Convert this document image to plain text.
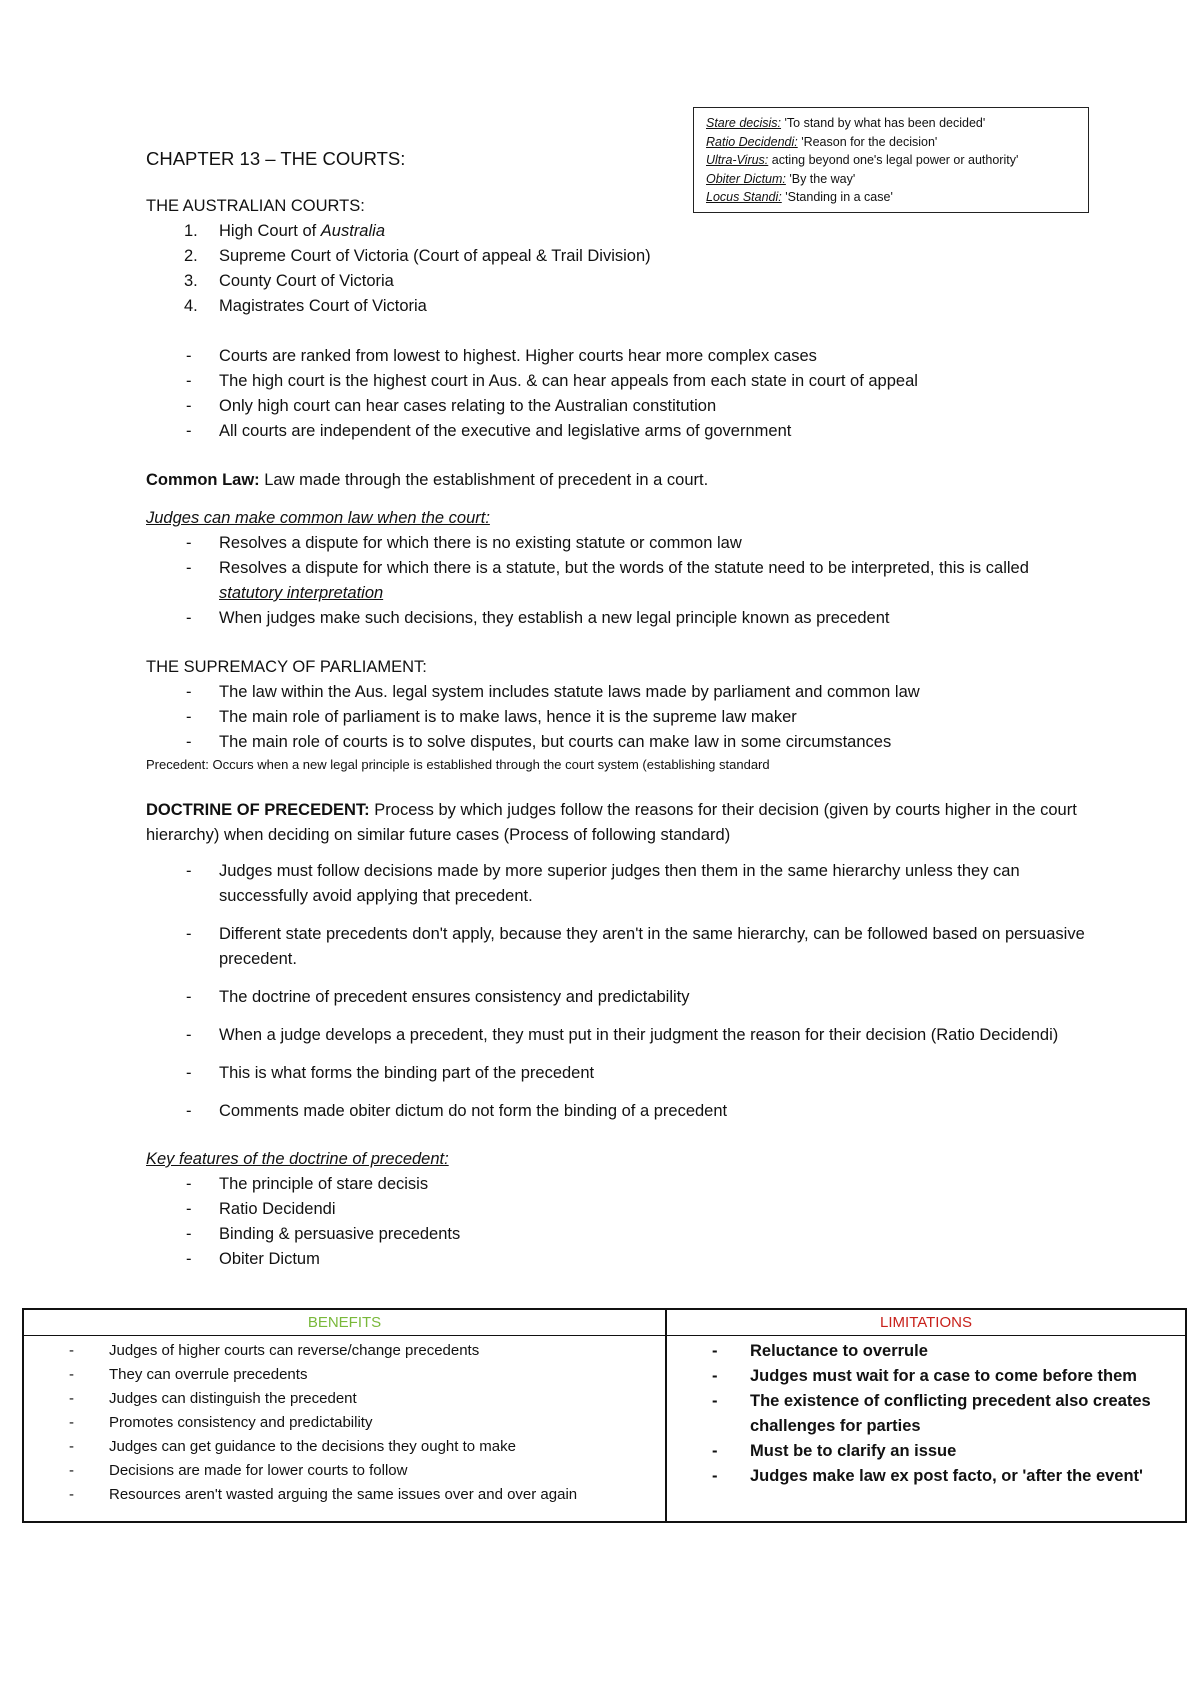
Stare decisis: 'To stand by what has been decided'
Ratio Decidendi: 'Reason for the decision'
Ultra-Virus: acting beyond one's legal power or authority'
Obiter Dictum: 'By the way'
Locus Standi: 'Standing in a case'
CHAPTER 13 – THE COURTS:
THE AUSTRALIAN COURTS:
1. High Court of Australia
2. Supreme Court of Victoria (Court of appeal & Trail Division)
3. County Court of Victoria
4. Magistrates Court of Victoria
- Courts are ranked from lowest to highest. Higher courts hear more complex cases
- The high court is the highest court in Aus. & can hear appeals from each state in court of appeal
- Only high court can hear cases relating to the Australian constitution
- All courts are independent of the executive and legislative arms of government
Common Law: Law made through the establishment of precedent in a court.
Judges can make common law when the court:
- Resolves a dispute for which there is no existing statute or common law
- Resolves a dispute for which there is a statute, but the words of the statute need to be interpreted, this is called statutory interpretation
- When judges make such decisions, they establish a new legal principle known as precedent
THE SUPREMACY OF PARLIAMENT:
- The law within the Aus. legal system includes statute laws made by parliament and common law
- The main role of parliament is to make laws, hence it is the supreme law maker
- The main role of courts is to solve disputes, but courts can make law in some circumstances
Precedent: Occurs when a new legal principle is established through the court system (establishing standard
DOCTRINE OF PRECEDENT: Process by which judges follow the reasons for their decision (given by courts higher in the court hierarchy) when deciding on similar future cases (Process of following standard)
- Judges must follow decisions made by more superior judges then them in the same hierarchy unless they can successfully avoid applying that precedent.
- Different state precedents don't apply, because they aren't in the same hierarchy, can be followed based on persuasive precedent.
- The doctrine of precedent ensures consistency and predictability
- When a judge develops a precedent, they must put in their judgment the reason for their decision (Ratio Decidendi)
- This is what forms the binding part of the precedent
- Comments made obiter dictum do not form the binding of a precedent
Key features of the doctrine of precedent:
- The principle of stare decisis
- Ratio Decidendi
- Binding & persuasive precedents
- Obiter Dictum
BENEFITS	LIMITATIONS
- Judges of higher courts can reverse/change precedents
- They can overrule precedents
- Judges can distinguish the precedent
- Promotes consistency and predictability
- Judges can get guidance to the decisions they ought to make
- Decisions are made for lower courts to follow
- Resources aren't wasted arguing the same issues over and over again
- Reluctance to overrule
- Judges must wait for a case to come before them
- The existence of conflicting precedent also creates challenges for parties
- Must be to clarify an issue
- Judges make law ex post facto, or 'after the event'
